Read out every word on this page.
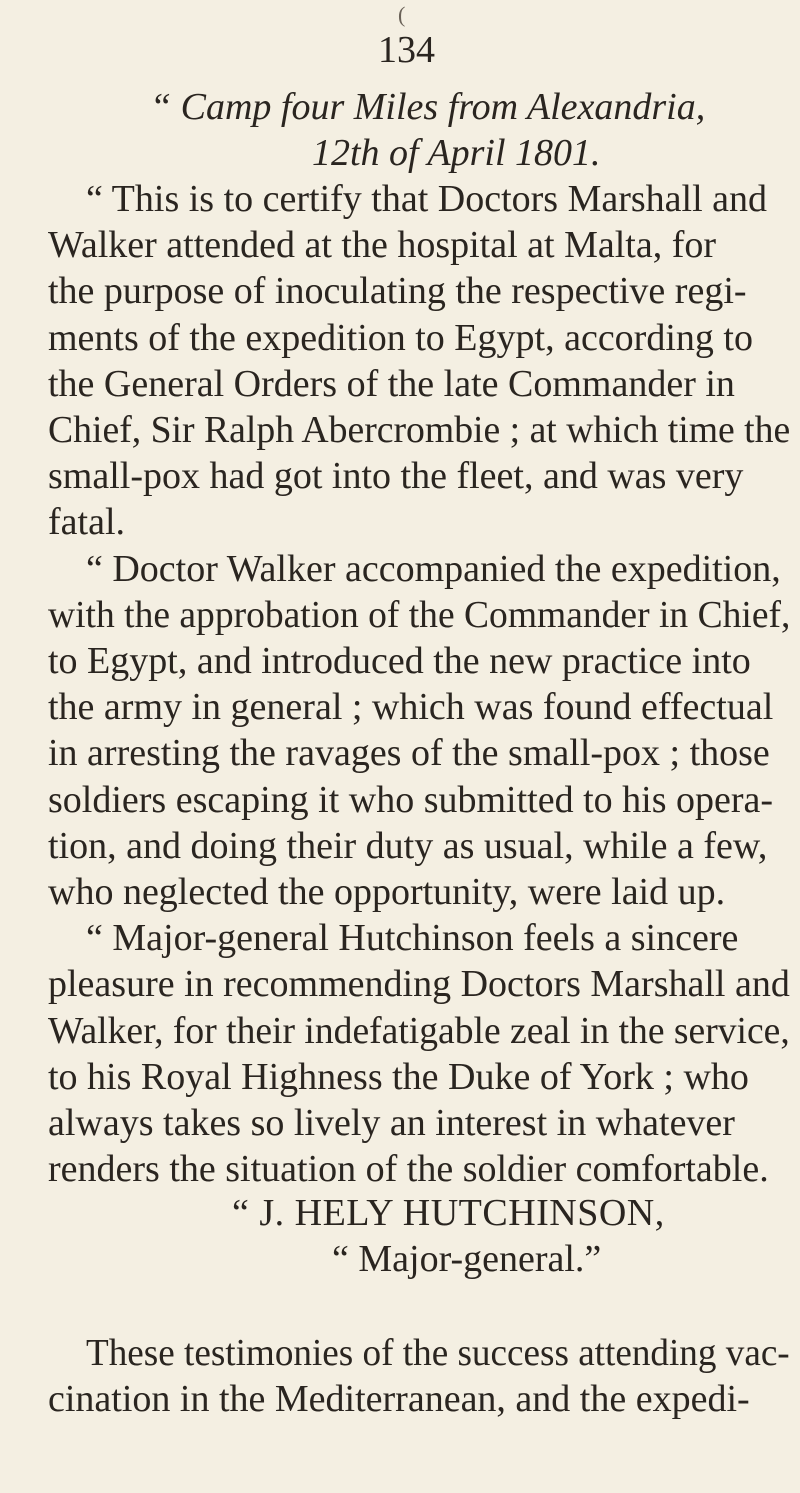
(
134
“ Camp four Miles from Alexandria,
12th of April 1801.
“ This is to certify that Doctors Marshall and
Walker attended at the hospital at Malta, for
the purpose of inoculating the respective regi-
ments of the expedition to Egypt, according to
the General Orders of the late Commander in
Chief, Sir Ralph Abercrombie ; at which time the
small-pox had got into the fleet, and was very
fatal.
“ Doctor Walker accompanied the expedition,
with the approbation of the Commander in Chief,
to Egypt, and introduced the new practice into
the army in general ; which was found effectual
in arresting the ravages of the small-pox ; those
soldiers escaping it who submitted to his opera-
tion, and doing their duty as usual, while a few,
who neglected the opportunity, were laid up.
“ Major-general Hutchinson feels a sincere
pleasure in recommending Doctors Marshall and
Walker, for their indefatigable zeal in the service,
to his Royal Highness the Duke of York ; who
always takes so lively an interest in whatever
renders the situation of the soldier comfortable.
“ J. HELY HUTCHINSON,
“ Major-general.”
These testimonies of the success attending vac-
cination in the Mediterranean, and the expedi-
